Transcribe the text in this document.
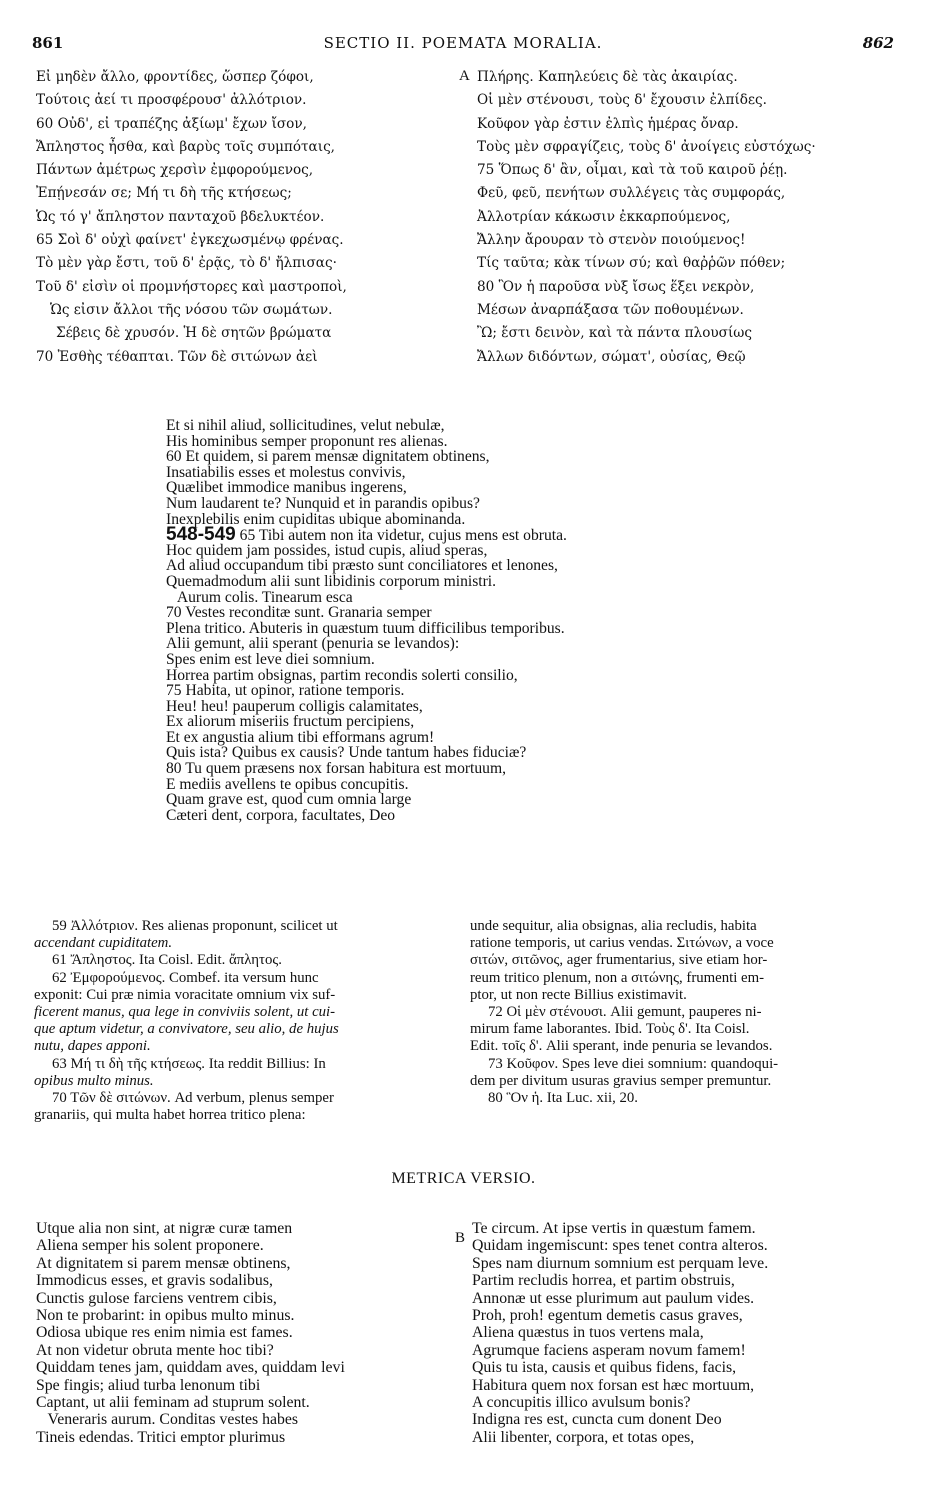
861	SECTIO II. POEMATA MORALIA.	862
Εἰ μηδὲν ἄλλο, φροντίδες, ὥσπερ ζόφοι,
Τούτοις ἀεί τι προσφέρουσ' ἀλλότριον.
60 Οὐδ', εἰ τραπέζης ἀξίωμ' ἔχων ἴσον,
Ἄπληστος ἦσθα, καὶ βαρὺς τοῖς συμπόταις,
Πάντων ἀμέτρως χερσὶν ἐμφορούμενος,
Ἐπῄνεσάν σε; Μή τι δὴ τῆς κτήσεως;
Ὡς τό γ' ἄπληστον πανταχοῦ βδελυκτέον.
65 Σοὶ δ' οὐχὶ φαίνετ' ἐγκεχωσμένῳ φρένας.
Τὸ μὲν γὰρ ἔστι, τοῦ δ' ἐρᾷς, τὸ δ' ἤλπισας·
Τοῦ δ' εἰσὶν οἱ προμνήστορες καὶ μαστροποὶ,
Ὡς εἰσιν ἄλλοι τῆς νόσου τῶν σωμάτων.
Σέβεις δὲ χρυσόν. Ἡ δὲ σητῶν βρώματα
70 Ἐσθὴς τέθαπται. Τῶν δὲ σιτώνων ἀεὶ
A Πλήρης. Καπηλεύεις δὲ τὰς ἀκαιρίας.
Οἱ μὲν στένουσι, τοὺς δ' ἔχουσιν ἐλπίδες.
Κοῦφον γὰρ ἐστιν ἐλπὶς ἡμέρας ὄναρ.
Τοὺς μὲν σφραγίζεις, τοὺς δ' ἀνοίγεις εὐστόχως·
75 Ὅπως δ' ἂν, οἶμαι, καὶ τὰ τοῦ καιροῦ ῥέῃ.
Φεῦ, φεῦ, πενήτων συλλέγεις τὰς συμφοράς,
Ἀλλοτρίαν κάκωσιν ἐκκαρπούμενος,
Ἄλλην ἄρουραν τὸ στενὸν ποιούμενος!
Τίς ταῦτα; κὰκ τίνων σύ; καὶ θαῤῥῶν πόθεν;
80 Ὃν ἡ παροῦσα νὺξ ἴσως ἕξει νεκρὸν,
Μέσων ἀναρπάξασα τῶν ποθουμένων.
Ὢ; ἔστι δεινὸν, καὶ τὰ πάντα πλουσίως
Ἄλλων διδόντων, σώματ', οὐσίας, Θεῷ
Et si nihil aliud, sollicitudines, velut nebulæ,
His hominibus semper proponunt res alienas.
60 Et quidem, si parem mensæ dignitatem obtinens,
Insatiabilis esses et molestus convivis,
Quælibet immodice manibus ingerens,
Num laudarent te? Nunquid et in parandis opibus?
Inexplebilis enim cupiditas ubique abominanda.
548-549 65 Tibi autem non ita videtur, cujus mens est obruta.
Hoc quidem jam possides, istud cupis, aliud speras,
Ad aliud occupandum tibi præsto sunt conciliatores et lenones,
Quemadmodum alii sunt libidinis corporum ministri.
Aurum colis. Tinearum esca
70 Vestes reconditæ sunt. Granaria semper
Plena tritico. Abuteris in quæstum tuum difficilibus temporibus.
Alii gemunt, alii sperant (penuria se levandos):
Spes enim est leve diei somnium.
Horrea partim obsignas, partim recondis solerti consilio,
75 Habita, ut opinor, ratione temporis.
Heu! heu! pauperum colligis calamitates,
Ex aliorum miseriis fructum percipiens,
Et ex angustia alium tibi efformans agrum!
Quis ista? Quibus ex causis? Unde tantum habes fiduciæ?
80 Tu quem præsens nox forsan habitura est mortuum,
E mediis avellens te opibus concupitis.
Quam grave est, quod cum omnia large
Cæteri dent, corpora, facultates, Deo
59 Ἀλλότριον. Res alienas proponunt, scilicet ut
accendant cupiditatem.
61 Ἄπληστος. Ita Coisl. Edit. ἄπλητος.
62 Ἐμφορούμενος. Combef. ita versum hunc
exponit: Cui præ nimia voracitate omnium vix suf-
ficerent manus, qua lege in conviviis solent, ut cui-
que aptum videtur, a convivatore, seu alio, de hujus
nutu, dapes apponi.
63 Μή τι δὴ τῆς κτήσεως. Ita reddit Billius: In
opibus multo minus.
70 Τῶν δὲ σιτώνων. Ad verbum, plenus semper
granariis, qui multa habet horrea tritico plena:
unde sequitur, alia obsignas, alia recludis, habita
ratione temporis, ut carius vendas. Σιτώνων, a voce
σιτών, σιτῶνος, ager frumentarius, sive etiam hor-
reum tritico plenum, non a σιτώνης, frumenti em-
ptor, ut non recte Billius existimavit.
72 Οἱ μὲν στένουσι. Alii gemunt, pauperes ni-
mirum fame laborantes. Ibid. Τοὺς δ'. Ita Coisl.
Edit. τοῖς δ'. Alii sperant, inde penuria se levandos.
73 Κοῦφον. Spes leve diei somnium: quandoqui-
dem per divitum usuras gravius semper premuntur.
80 Ὃν ἡ. Ita Luc. xii, 20.
METRICA VERSIO.
Utque alia non sint, at nigræ curæ tamen
Aliena semper his solent proponere.
At dignitatem si parem mensæ obtinens,
Immodicus esses, et gravis sodalibus,
Cunctis gulose farciens ventrem cibis,
Non te probarint: in opibus multo minus.
Odiosa ubique res enim nimia est fames.
At non videtur obruta mente hoc tibi?
Quiddam tenes jam, quiddam aves, quiddam levi
Spe fingis; aliud turba lenonum tibi
Captant, ut alii feminam ad stuprum solent.
Veneraris aurum. Conditas vestes habes
Tineis edendas. Tritici emptor plurimus
B
Te circum. At ipse vertis in quæstum famem.
Quidam ingemiscunt: spes tenet contra alteros.
Spes nam diurnum somnium est perquam leve.
Partim recludis horrea, et partim obstruis,
Annonæ ut esse plurimum aut paulum vides.
Proh, proh! egentum demetis casus graves,
Aliena quæstus in tuos vertens mala,
Agrumque faciens asperam novum famem!
Quis tu ista, causis et quibus fidens, facis,
Habitura quem nox forsan est hæc mortuum,
A concupitis illico avulsum bonis?
Indigna res est, cuncta cum donent Deo
Alii libenter, corpora, et totas opes,
